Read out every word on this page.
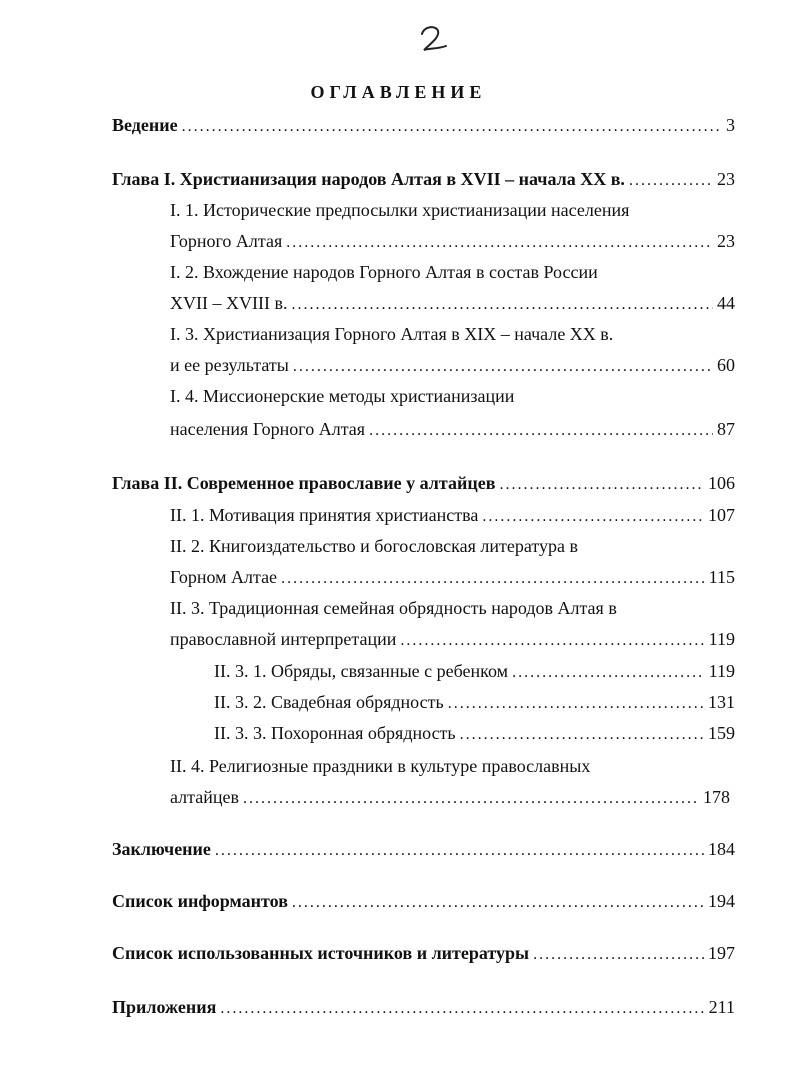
ОГЛАВЛЕНИЕ
Ведение . . .	3
Глава I. Христианизация народов Алтая в XVII – начала XX в. . . .	23
I. 1. Исторические предпосылки христианизации населения
Горного Алтая . . .	23
I. 2. Вхождение народов Горного Алтая в состав России
XVII – XVIII в. . . .	44
I. 3. Христианизация Горного Алтая в XIX – начале XX в.
и ее результаты . . .	60
I. 4. Миссионерские методы христианизации
населения Горного Алтая . . .	87
Глава II. Современное православие у алтайцев . . .	106
II. 1. Мотивация принятия христианства . . .	107
II. 2. Книгоиздательство и богословская литература в
Горном Алтае . . .	115
II. 3. Традиционная семейная обрядность народов Алтая в
православной интерпретации . . .	119
II. 3. 1. Обряды, связанные с ребенком . . .	119
II. 3. 2. Свадебная обрядность . . .	131
II. 3. 3. Похоронная обрядность . . .	159
II. 4. Религиозные праздники в культуре православных
алтайцев . . .	178
Заключение . . .	184
Список информантов . . .	194
Список использованных источников и литературы . . .	197
Приложения . . .	211
